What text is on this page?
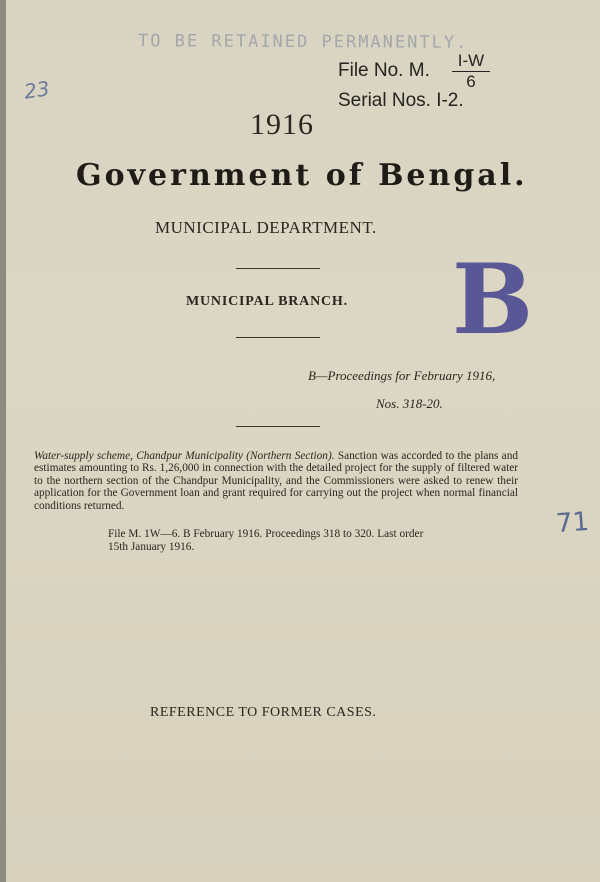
TO BE RETAINED PERMANENTLY.
File No. M. $\frac{I-W}{6}$
Serial Nos. I-2.
23
1916
Government of Bengal.
MUNICIPAL DEPARTMENT.
MUNICIPAL BRANCH. B
B—Proceedings for February 1916,
Nos. 318-20.

Water-supply scheme, Chandpur Municipality (Northern Section). Sanction was accorded to the plans and estimates amounting to Rs. 1,26,000 in connection with the detailed project for the supply of filtered water to the northern section of the Chandpur Municipality, and the Commissioners were asked to renew their application for the Government loan and grant required for carrying out the project when normal financial conditions returned.

File M. 1W—6. B February 1916. Proceedings 318 to 320. Last order
15th January 1916.
71
REFERENCE TO FORMER CASES.
